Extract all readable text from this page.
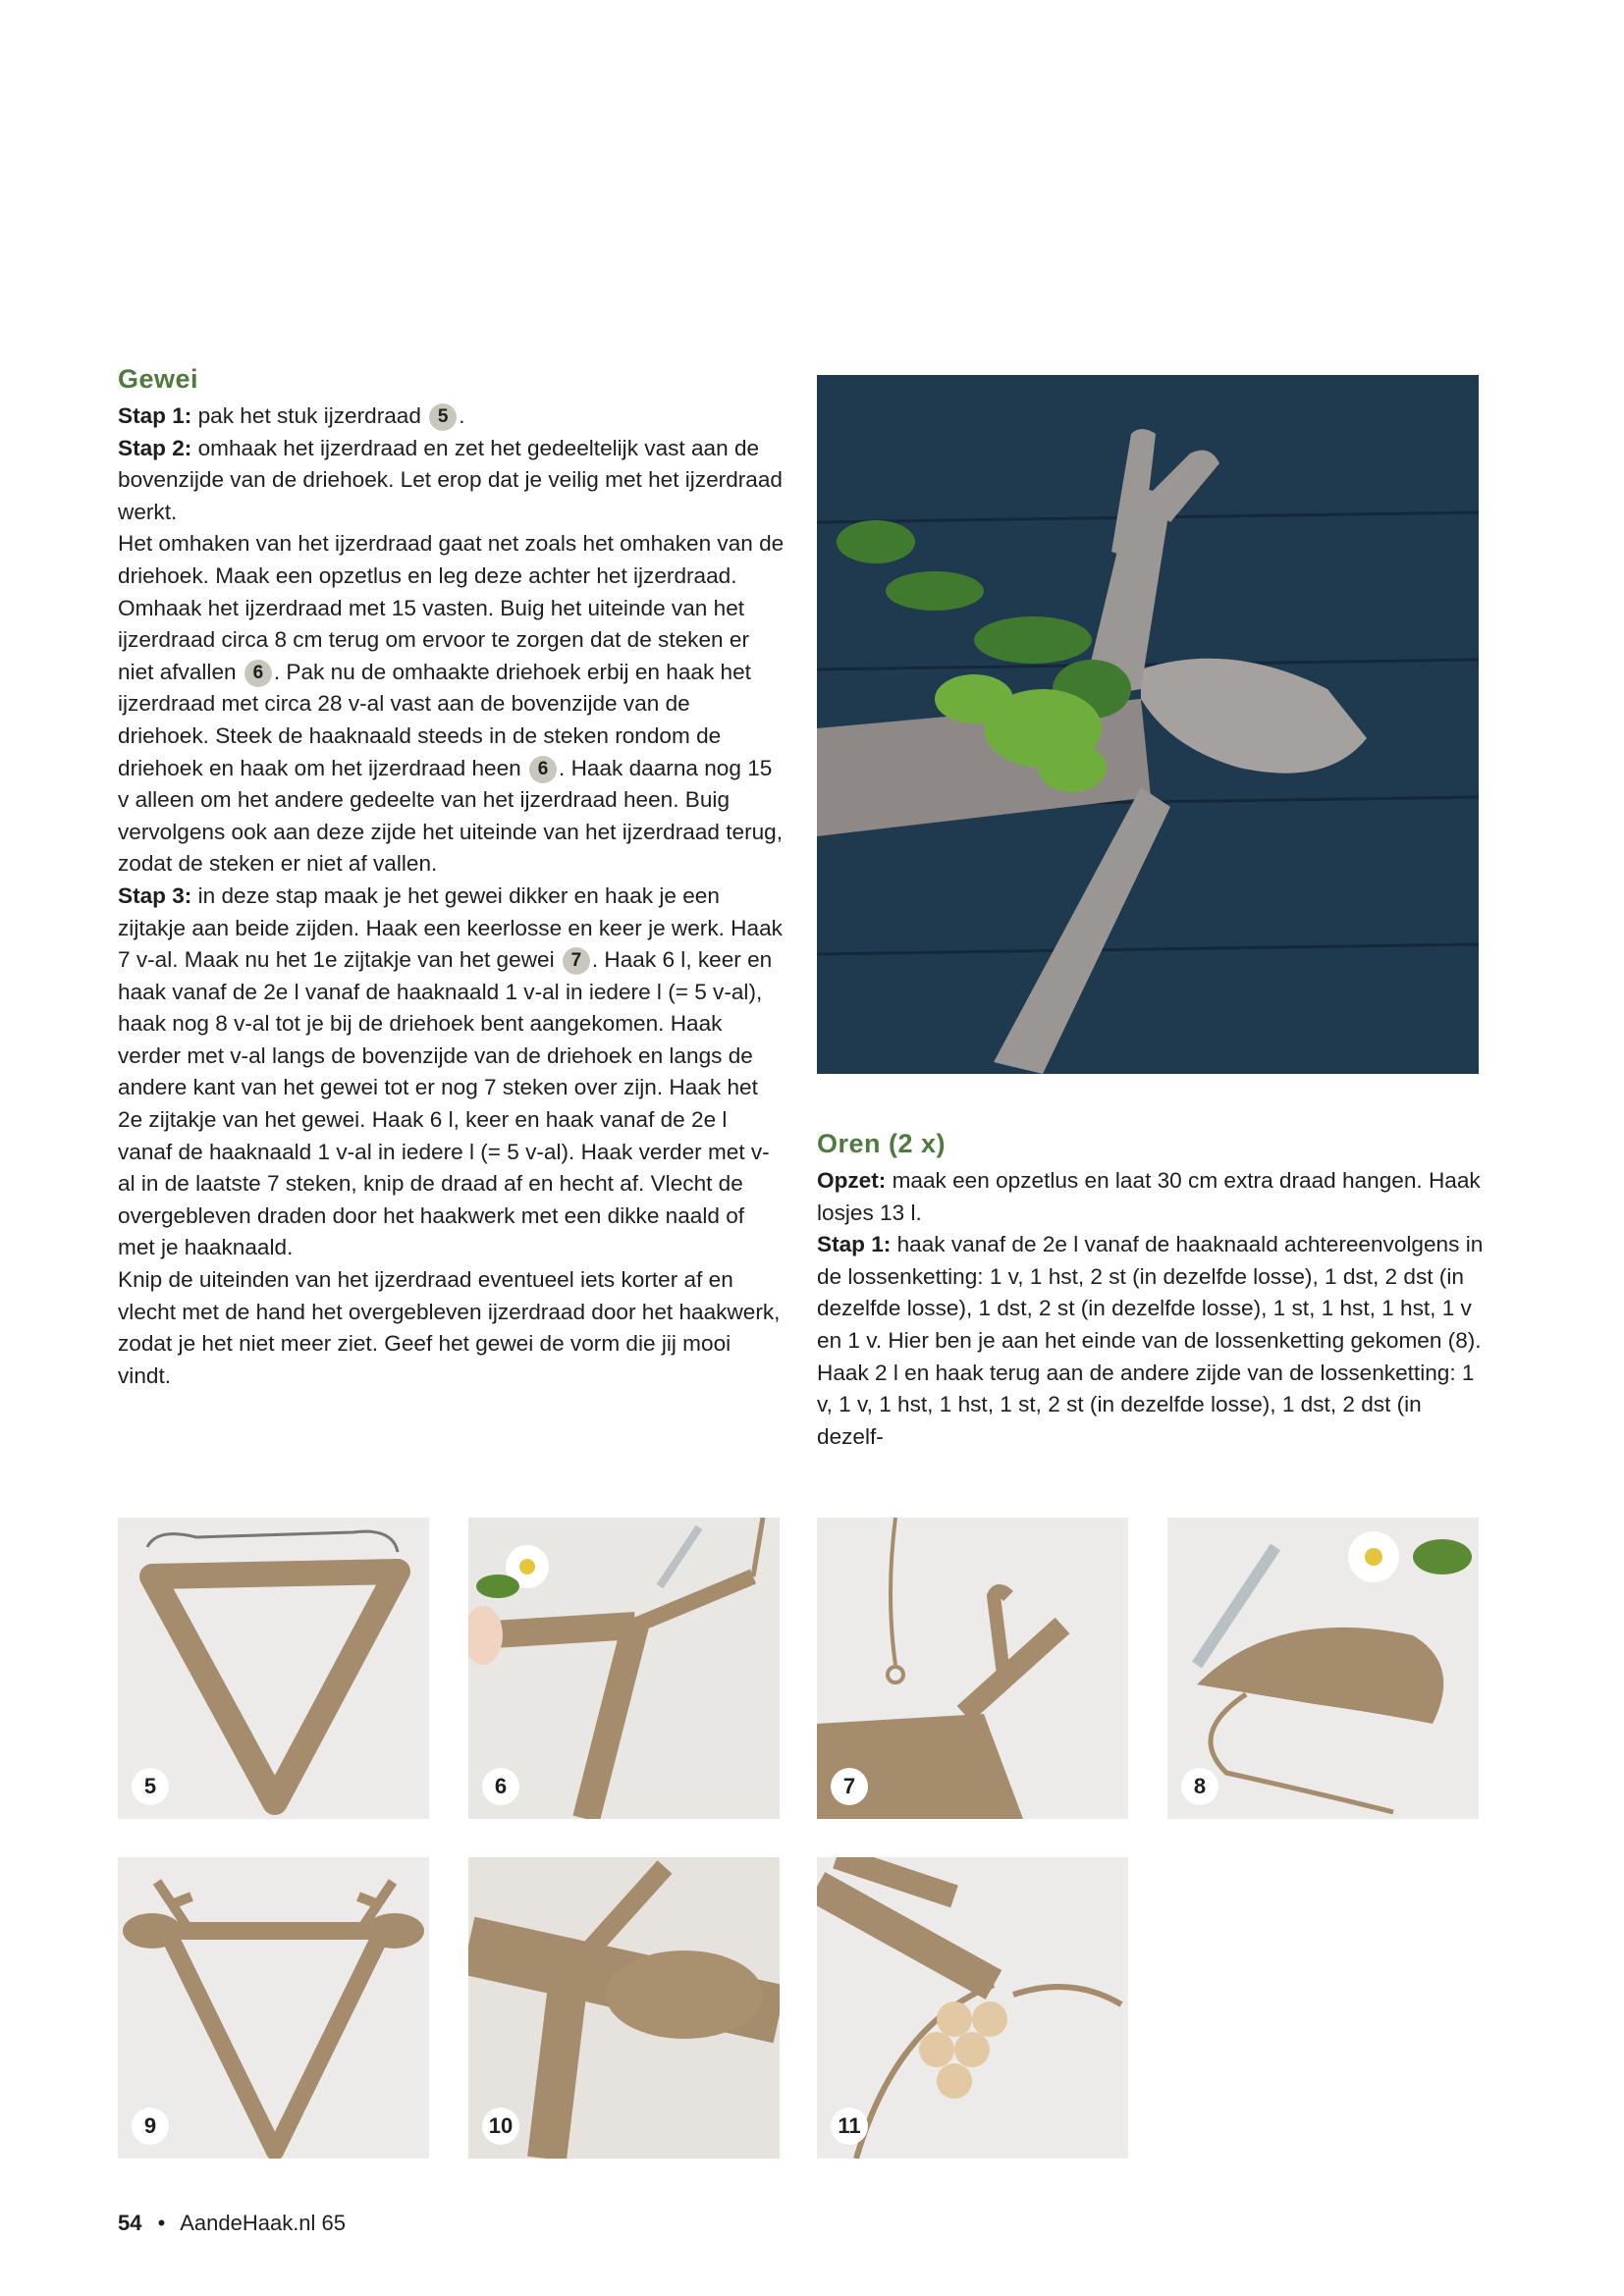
Gewei

Stap 1: pak het stuk ijzerdraad 5 .

Stap 2: omhaak het ijzerdraad en zet het gedeeltelijk vast aan de bovenzijde van de driehoek. Let erop dat je veilig met het ijzerdraad werkt.

Het omhaken van het ijzerdraad gaat net zoals het omhaken van de driehoek. Maak een opzetlus en leg deze achter het ijzerdraad. Omhaak het ijzerdraad met 15 vasten. Buig het uiteinde van het ijzerdraad circa 8 cm terug om ervoor te zorgen dat de steken er niet afvallen 6 . Pak nu de omhaakte driehoek erbij en haak het ijzerdraad met circa 28 v-al vast aan de bovenzijde van de driehoek. Steek de haaknaald steeds in de steken rondom de driehoek en haak om het ijzerdraad heen 6 . Haak daarna nog 15 v alleen om het andere gedeelte van het ijzerdraad heen. Buig vervolgens ook aan deze zijde het uiteinde van het ijzerdraad terug, zodat de steken er niet af vallen.

Stap 3: in deze stap maak je het gewei dikker en haak je een zijtakje aan beide zijden. Haak een keerlosse en keer je werk. Haak 7 v-al. Maak nu het 1e zijtakje van het gewei 7 . Haak 6 l, keer en haak vanaf de 2e l vanaf de haaknaald 1 v-al in iedere l (= 5 v-al), haak nog 8 v-al tot je bij de driehoek bent aangekomen. Haak verder met v-al langs de bovenzijde van de driehoek en langs de andere kant van het gewei tot er nog 7 steken over zijn. Haak het 2e zijtakje van het gewei. Haak 6 l, keer en haak vanaf de 2e l vanaf de haaknaald 1 v-al in iedere l (= 5 v-al). Haak verder met v-al in de laatste 7 steken, knip de draad af en hecht af. Vlecht de overgebleven draden door het haakwerk met een dikke naald of met je haaknaald.

Knip de uiteinden van het ijzerdraad eventueel iets korter af en vlecht met de hand het overgebleven ijzerdraad door het haakwerk, zodat je het niet meer ziet. Geef het gewei de vorm die jij mooi vindt.

Oren (2 x)

Opzet: maak een opzetlus en laat 30 cm extra draad hangen. Haak losjes 13 l.

Stap 1: haak vanaf de 2e l vanaf de haaknaald achtereenvolgens in de lossenketting: 1 v, 1 hst, 2 st (in dezelfde losse), 1 dst, 2 dst (in dezelfde losse), 1 dst, 2 st (in dezelfde losse), 1 st, 1 hst, 1 hst, 1 v en 1 v. Hier ben je aan het einde van de lossenketting gekomen (8). Haak 2 l en haak terug aan de andere zijde van de lossenketting: 1 v, 1 v, 1 hst, 1 hst, 1 st, 2 st (in dezelfde losse), 1 dst, 2 dst (in dezelf-

5	6	7	8
9	10	11
54 • AandeHaak.nl 65
